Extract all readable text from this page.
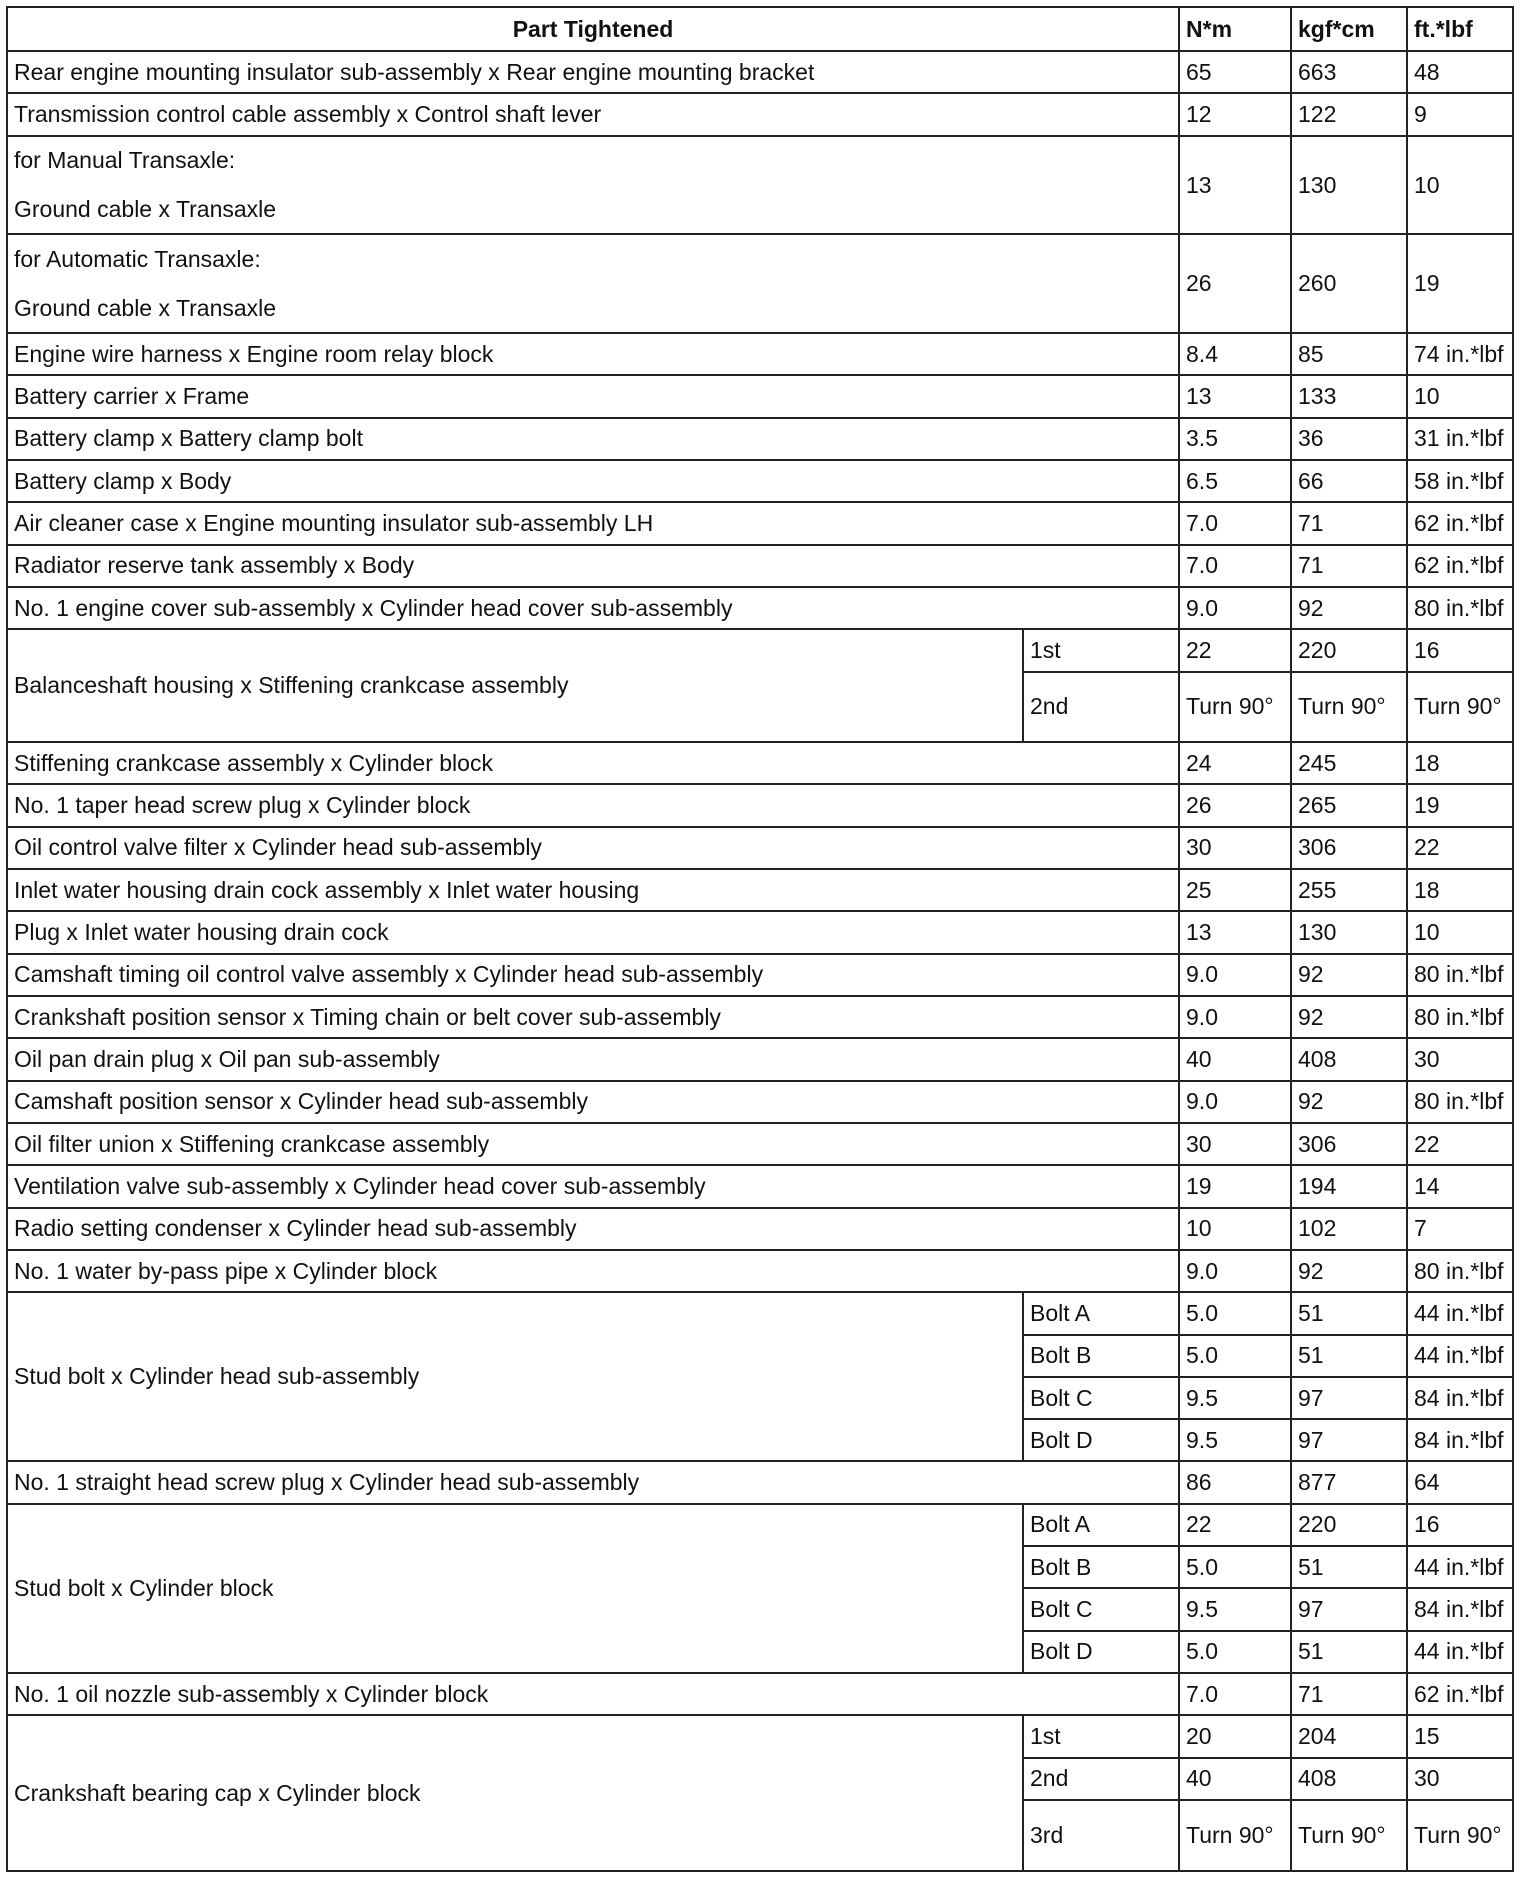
Part Tightened		N*m	kgf*cm	ft.*lbf
Rear engine mounting insulator sub-assembly x Rear engine mounting bracket		65	663	48
Transmission control cable assembly x Control shaft lever		12	122	9

for Manual Transaxle:
Ground cable x Transaxle		13	130	10

for Automatic Transaxle:
Ground cable x Transaxle		26	260	19
Engine wire harness x Engine room relay block		8.4	85	74 in.*lbf
Battery carrier x Frame		13	133	10
Battery clamp x Battery clamp bolt		3.5	36	31 in.*lbf
Battery clamp x Body		6.5	66	58 in.*lbf
Air cleaner case x Engine mounting insulator sub-assembly LH		7.0	71	62 in.*lbf
Radiator reserve tank assembly x Body		7.0	71	62 in.*lbf
No. 1 engine cover sub-assembly x Cylinder head cover sub-assembly		9.0	92	80 in.*lbf
Balanceshaft housing x Stiffening crankcase assembly	1st	22	220	16
	2nd	Turn 90°	Turn 90°	Turn 90°
Stiffening crankcase assembly x Cylinder block		24	245	18
No. 1 taper head screw plug x Cylinder block		26	265	19
Oil control valve filter x Cylinder head sub-assembly		30	306	22
Inlet water housing drain cock assembly x Inlet water housing		25	255	18
Plug x Inlet water housing drain cock		13	130	10
Camshaft timing oil control valve assembly x Cylinder head sub-assembly		9.0	92	80 in.*lbf
Crankshaft position sensor x Timing chain or belt cover sub-assembly		9.0	92	80 in.*lbf
Oil pan drain plug x Oil pan sub-assembly		40	408	30
Camshaft position sensor x Cylinder head sub-assembly		9.0	92	80 in.*lbf
Oil filter union x Stiffening crankcase assembly		30	306	22
Ventilation valve sub-assembly x Cylinder head cover sub-assembly		19	194	14
Radio setting condenser x Cylinder head sub-assembly		10	102	7
No. 1 water by-pass pipe x Cylinder block		9.0	92	80 in.*lbf
Stud bolt x Cylinder head sub-assembly	Bolt A	5.0	51	44 in.*lbf
	Bolt B	5.0	51	44 in.*lbf
	Bolt C	9.5	97	84 in.*lbf
	Bolt D	9.5	97	84 in.*lbf
No. 1 straight head screw plug x Cylinder head sub-assembly		86	877	64
Stud bolt x Cylinder block	Bolt A	22	220	16
	Bolt B	5.0	51	44 in.*lbf
	Bolt C	9.5	97	84 in.*lbf
	Bolt D	5.0	51	44 in.*lbf
No. 1 oil nozzle sub-assembly x Cylinder block		7.0	71	62 in.*lbf
Crankshaft bearing cap x Cylinder block	1st	20	204	15
	2nd	40	408	30
	3rd	Turn 90°	Turn 90°	Turn 90°
